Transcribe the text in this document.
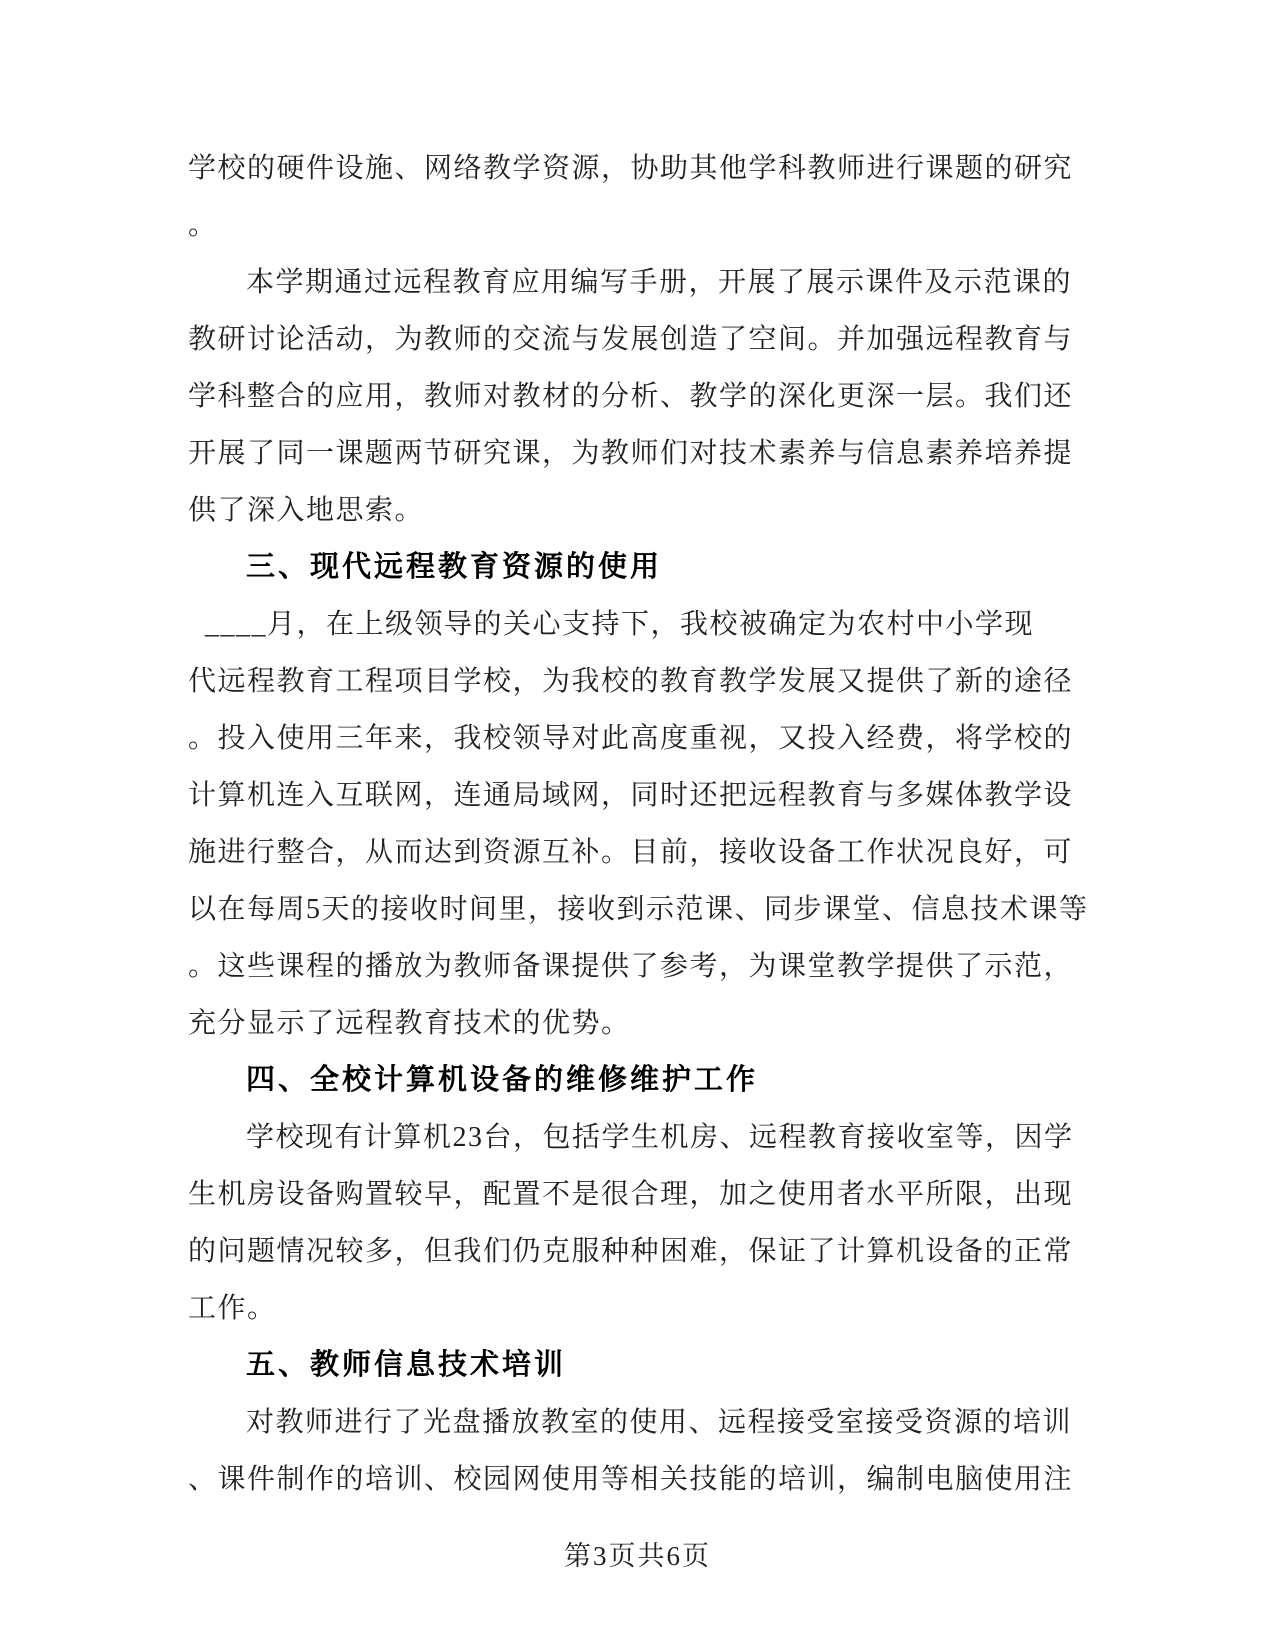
学校的硬件设施、网络教学资源，协助其他学科教师进行课题的研究
。
本学期通过远程教育应用编写手册，开展了展示课件及示范课的
教研讨论活动，为教师的交流与发展创造了空间。并加强远程教育与
学科整合的应用，教师对教材的分析、教学的深化更深一层。我们还
开展了同一课题两节研究课，为教师们对技术素养与信息素养培养提
供了深入地思索。
三、现代远程教育资源的使用
____月，在上级领导的关心支持下，我校被确定为农村中小学现
代远程教育工程项目学校，为我校的教育教学发展又提供了新的途径
。投入使用三年来，我校领导对此高度重视，又投入经费，将学校的
计算机连入互联网，连通局域网，同时还把远程教育与多媒体教学设
施进行整合，从而达到资源互补。目前，接收设备工作状况良好，可
以在每周5天的接收时间里，接收到示范课、同步课堂、信息技术课等
。这些课程的播放为教师备课提供了参考，为课堂教学提供了示范，
充分显示了远程教育技术的优势。
四、全校计算机设备的维修维护工作
学校现有计算机23台，包括学生机房、远程教育接收室等，因学
生机房设备购置较早，配置不是很合理，加之使用者水平所限，出现
的问题情况较多，但我们仍克服种种困难，保证了计算机设备的正常
工作。
五、教师信息技术培训
对教师进行了光盘播放教室的使用、远程接受室接受资源的培训
、课件制作的培训、校园网使用等相关技能的培训，编制电脑使用注
第3页共6页
